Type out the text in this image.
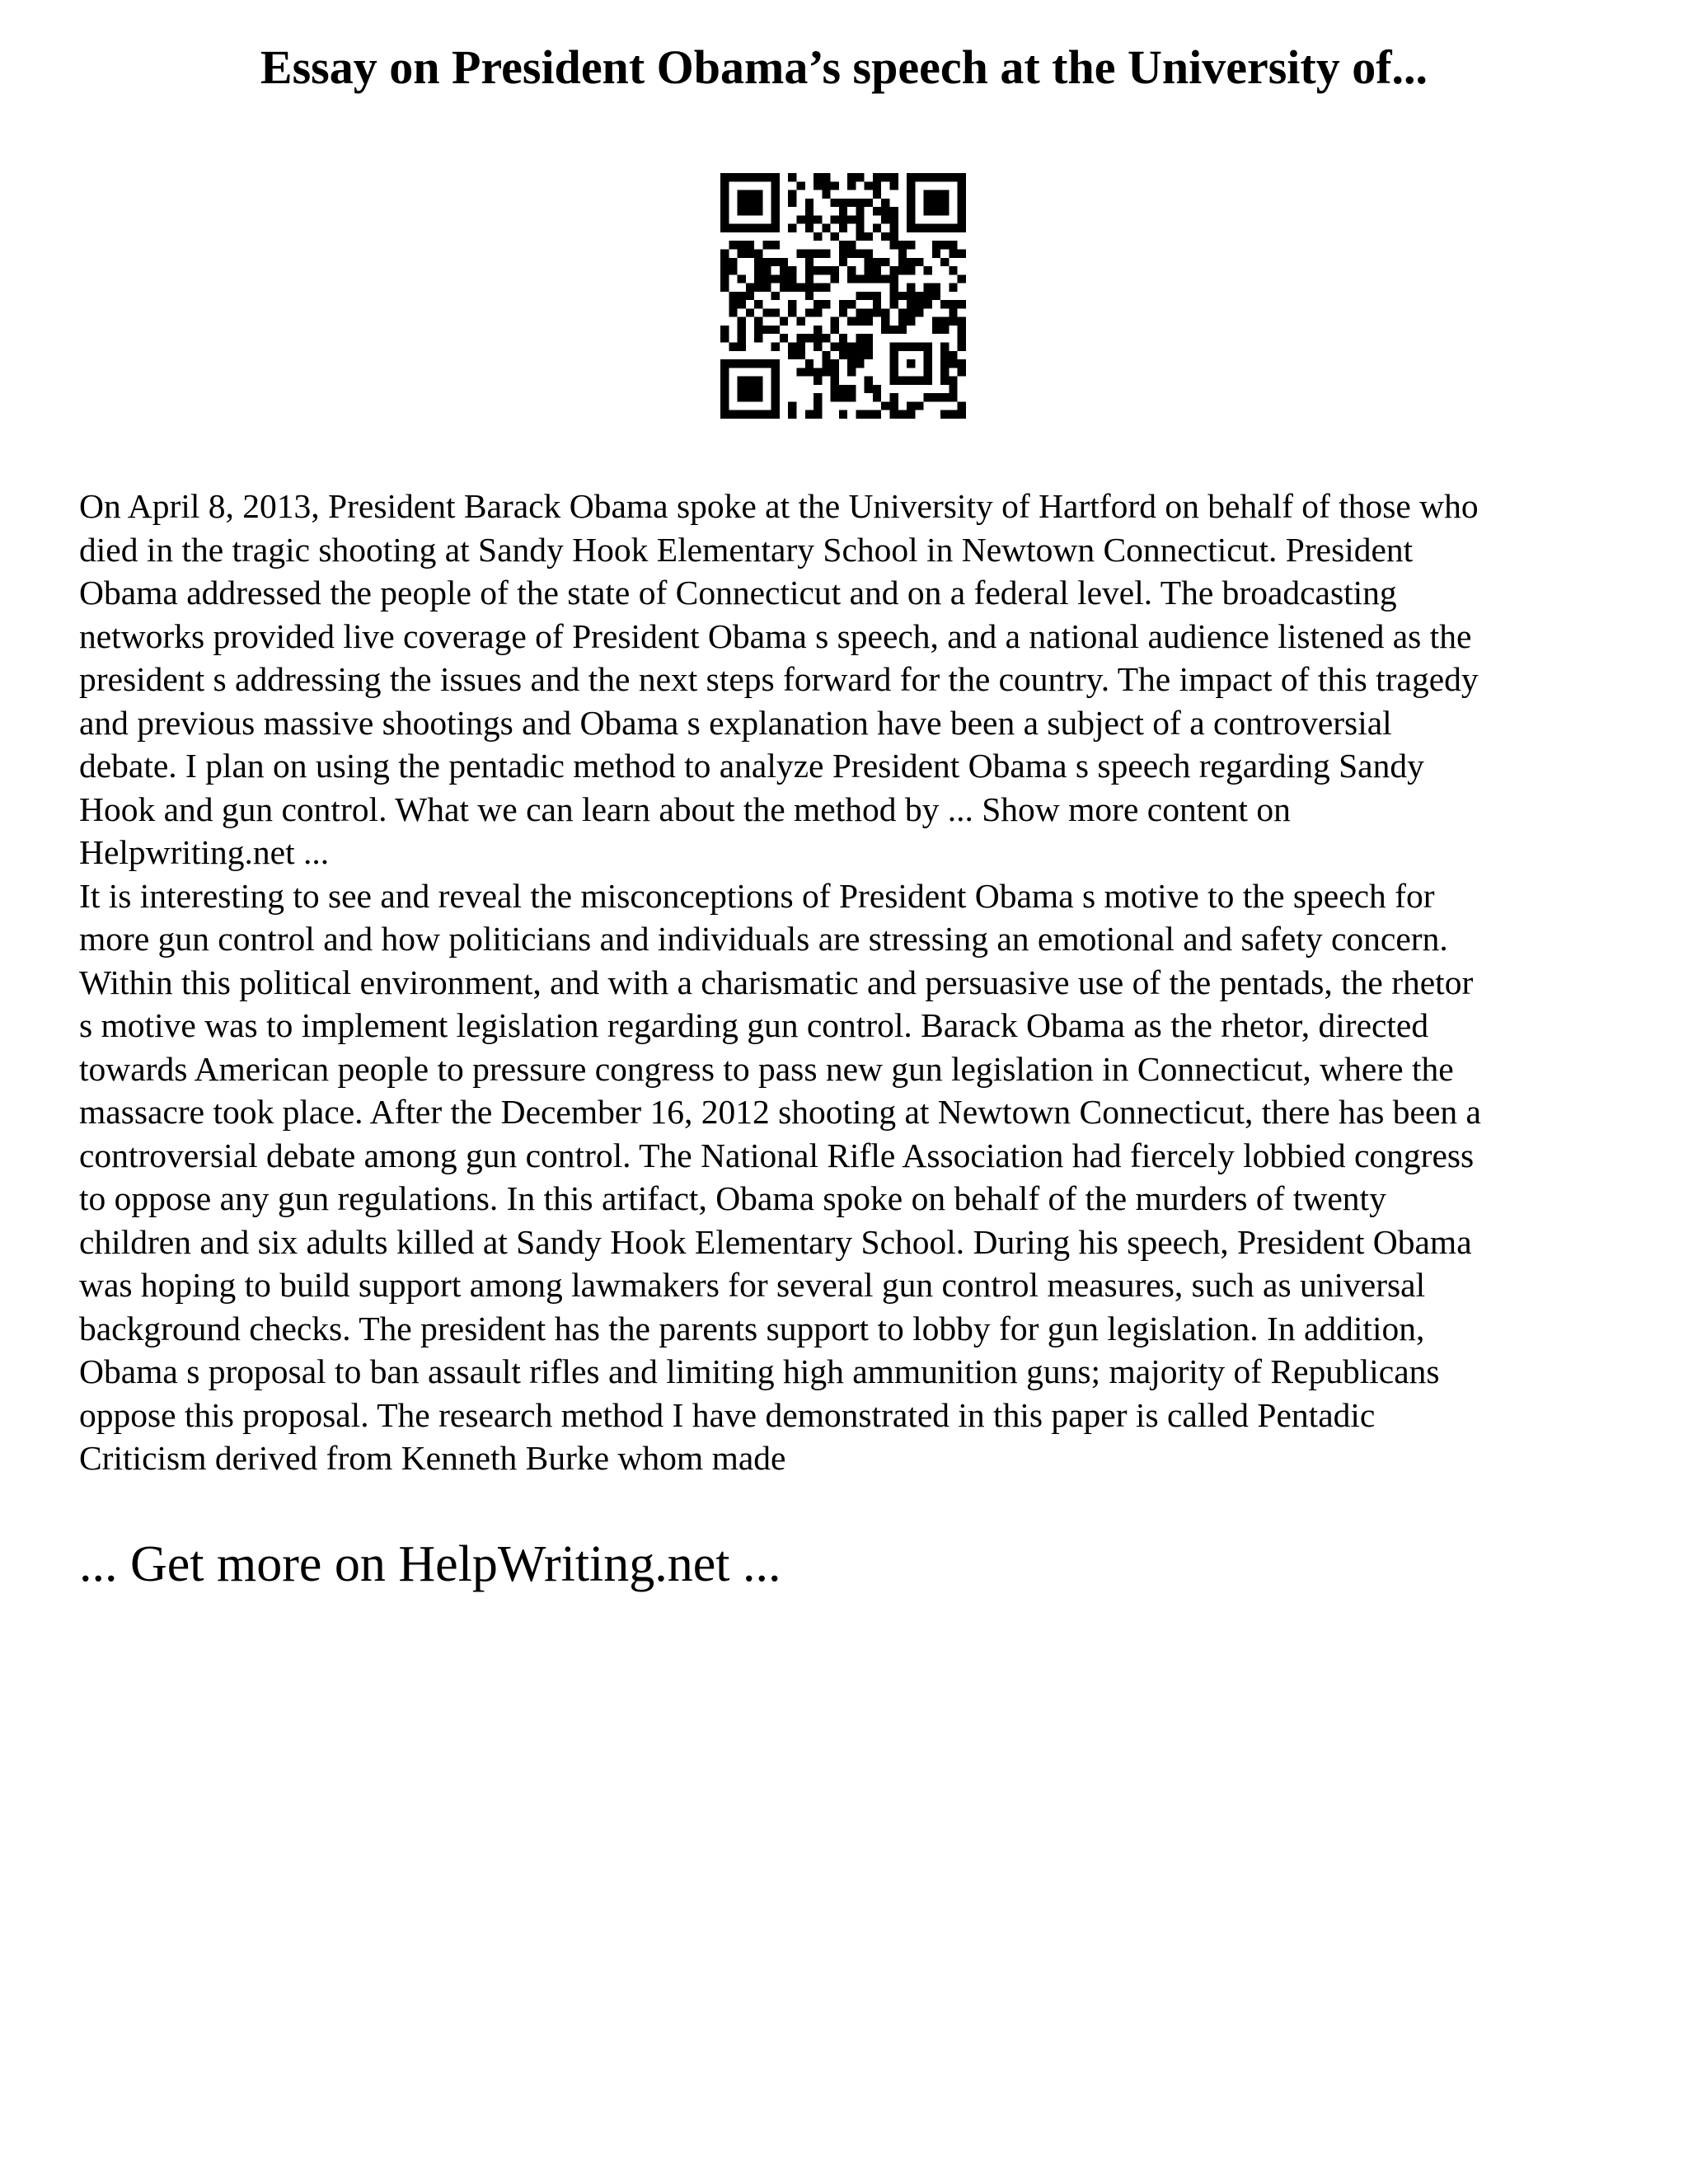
Essay on President Obama’s speech at the University of...

On April 8, 2013, President Barack Obama spoke at the University of Hartford on behalf of those who
died in the tragic shooting at Sandy Hook Elementary School in Newtown Connecticut. President
Obama addressed the people of the state of Connecticut and on a federal level. The broadcasting
networks provided live coverage of President Obama s speech, and a national audience listened as the
president s addressing the issues and the next steps forward for the country. The impact of this tragedy
and previous massive shootings and Obama s explanation have been a subject of a controversial
debate. I plan on using the pentadic method to analyze President Obama s speech regarding Sandy
Hook and gun control. What we can learn about the method by ... Show more content on
Helpwriting.net ...

It is interesting to see and reveal the misconceptions of President Obama s motive to the speech for
more gun control and how politicians and individuals are stressing an emotional and safety concern.
Within this political environment, and with a charismatic and persuasive use of the pentads, the rhetor
s motive was to implement legislation regarding gun control. Barack Obama as the rhetor, directed
towards American people to pressure congress to pass new gun legislation in Connecticut, where the
massacre took place. After the December 16, 2012 shooting at Newtown Connecticut, there has been a
controversial debate among gun control. The National Rifle Association had fiercely lobbied congress
to oppose any gun regulations. In this artifact, Obama spoke on behalf of the murders of twenty
children and six adults killed at Sandy Hook Elementary School. During his speech, President Obama
was hoping to build support among lawmakers for several gun control measures, such as universal
background checks. The president has the parents support to lobby for gun legislation. In addition,
Obama s proposal to ban assault rifles and limiting high ammunition guns; majority of Republicans
oppose this proposal. The research method I have demonstrated in this paper is called Pentadic
Criticism derived from Kenneth Burke whom made

... Get more on HelpWriting.net ...
